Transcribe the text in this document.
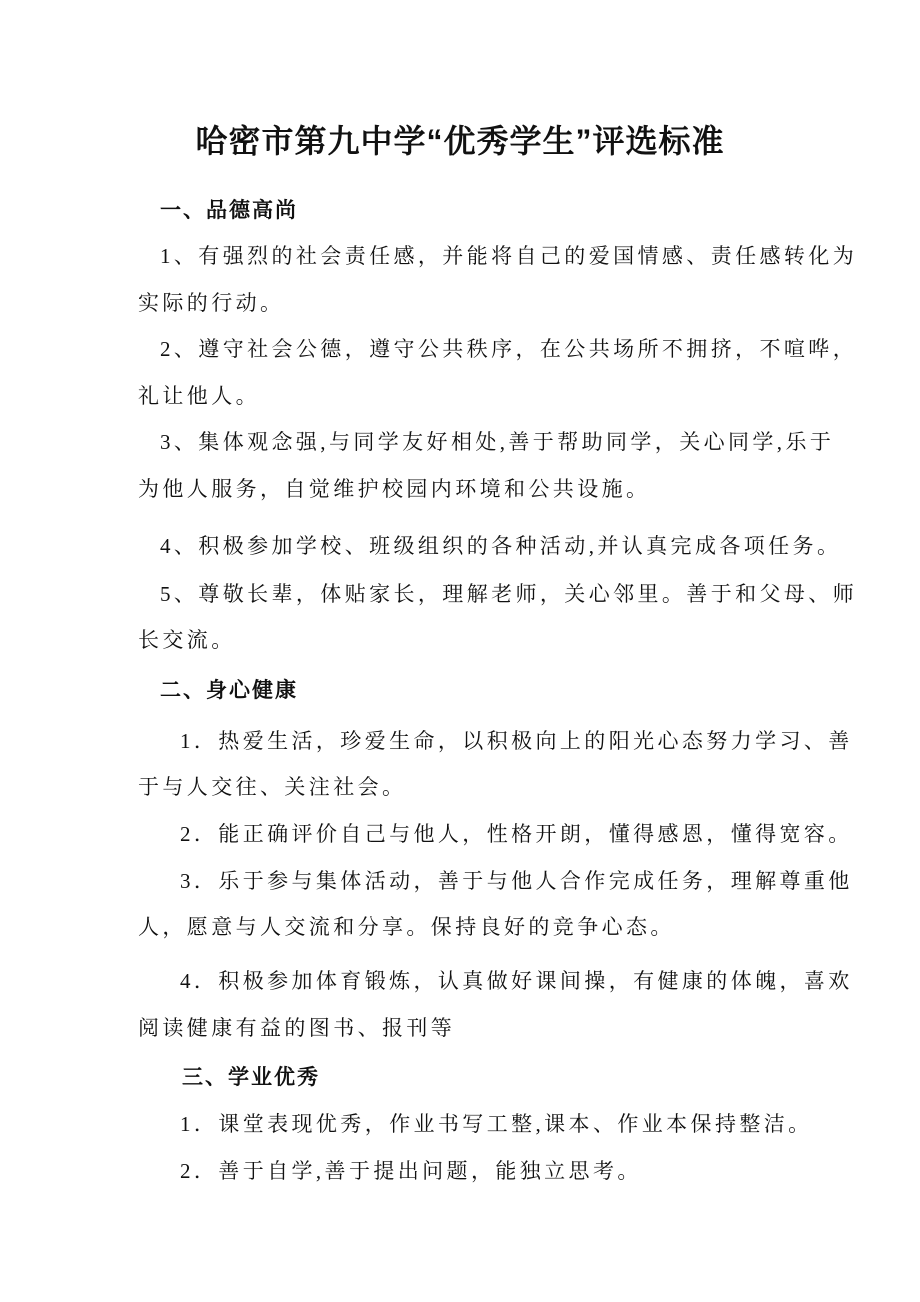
哈密市第九中学“优秀学生”评选标准
一、品德高尚
1、有强烈的社会责任感，并能将自己的爱国情感、责任感转化为
实际的行动。
2、遵守社会公德，遵守公共秩序，在公共场所不拥挤，不喧哗，
礼让他人。
3、集体观念强,与同学友好相处,善于帮助同学，关心同学,乐于
为他人服务，自觉维护校园内环境和公共设施。
4、积极参加学校、班级组织的各种活动,并认真完成各项任务。
5、尊敬长辈，体贴家长，理解老师，关心邻里。善于和父母、师
长交流。
二、身心健康
1．热爱生活，珍爱生命，以积极向上的阳光心态努力学习、善
于与人交往、关注社会。
2．能正确评价自己与他人，性格开朗，懂得感恩，懂得宽容。
3．乐于参与集体活动，善于与他人合作完成任务，理解尊重他
人，愿意与人交流和分享。保持良好的竞争心态。
4．积极参加体育锻炼，认真做好课间操，有健康的体魄，喜欢
阅读健康有益的图书、报刊等
三、学业优秀
1．课堂表现优秀，作业书写工整,课本、作业本保持整洁。
2．善于自学,善于提出问题，能独立思考。
